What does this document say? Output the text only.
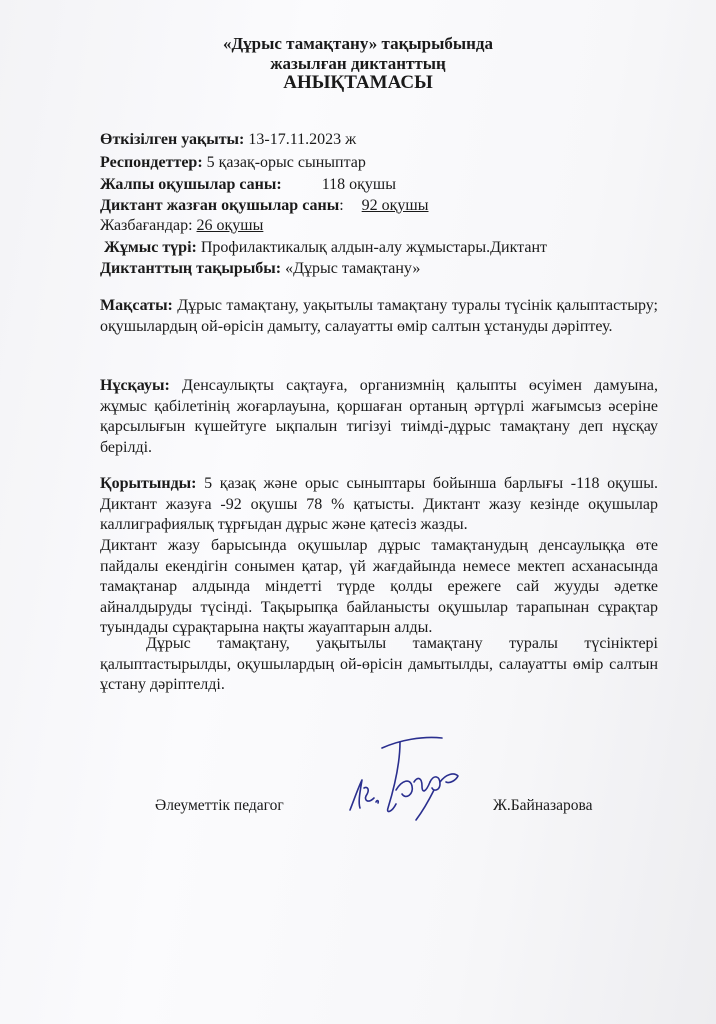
«Дұрыс тамақтану» тақырыбында
жазылған диктанттың
АНЫҚТАМАСЫ
Өткізілген уақыты: 13-17.11.2023 ж
Респондеттер: 5 қазақ-орыс сыныптар
Жалпы оқушылар саны:	118 оқушы
Диктант жазған оқушылар саны: 92 оқушы
Жазбағандар: 26 оқушы
Жұмыс түрі: Профилактикалық алдын-алу жұмыстары.Диктант
Диктанттың тақырыбы: «Дұрыс тамақтану»
Мақсаты: Дұрыс тамақтану, уақытылы тамақтану туралы түсінік қалыптастыру; оқушылардың ой-өрісін дамыту, салауатты өмір салтын ұстануды дәріптеу.
Нұсқауы: Денсаулықты сақтауға, организмнің қалыпты өсуімен дамуына, жұмыс қабілетінің жоғарлауына, қоршаған ортаның әртүрлі жағымсыз әсеріне қарсылығын күшейтуге ықпалын тигізуі тиімді-дұрыс тамақтану деп нұсқау берілді.
Қорытынды: 5 қазақ және орыс сыныптары бойынша барлығы -118 оқушы. Диктант жазуға -92 оқушы 78 % қатысты. Диктант жазу кезінде оқушылар каллиграфиялық тұрғыдан дұрыс және қатесіз жазды.
Диктант жазу барысында оқушылар дұрыс тамақтанудың денсаулыққа өте пайдалы екендігін сонымен қатар, үй жағдайында немесе мектеп асханасында тамақтанар алдында міндетті түрде қолды ережеге сай жууды әдетке айналдыруды түсінді. Тақырыпқа байланысты оқушылар тарапынан сұрақтар туындады сұрақтарына нақты жауаптарын алды.
Дұрыс тамақтану, уақытылы тамақтану туралы түсініктері қалыптастырылды, оқушылардың ой-өрісін дамытылды, салауатты өмір салтын ұстану дәріптелді.
Әлеуметтік педагог	Ж.Байназарова
